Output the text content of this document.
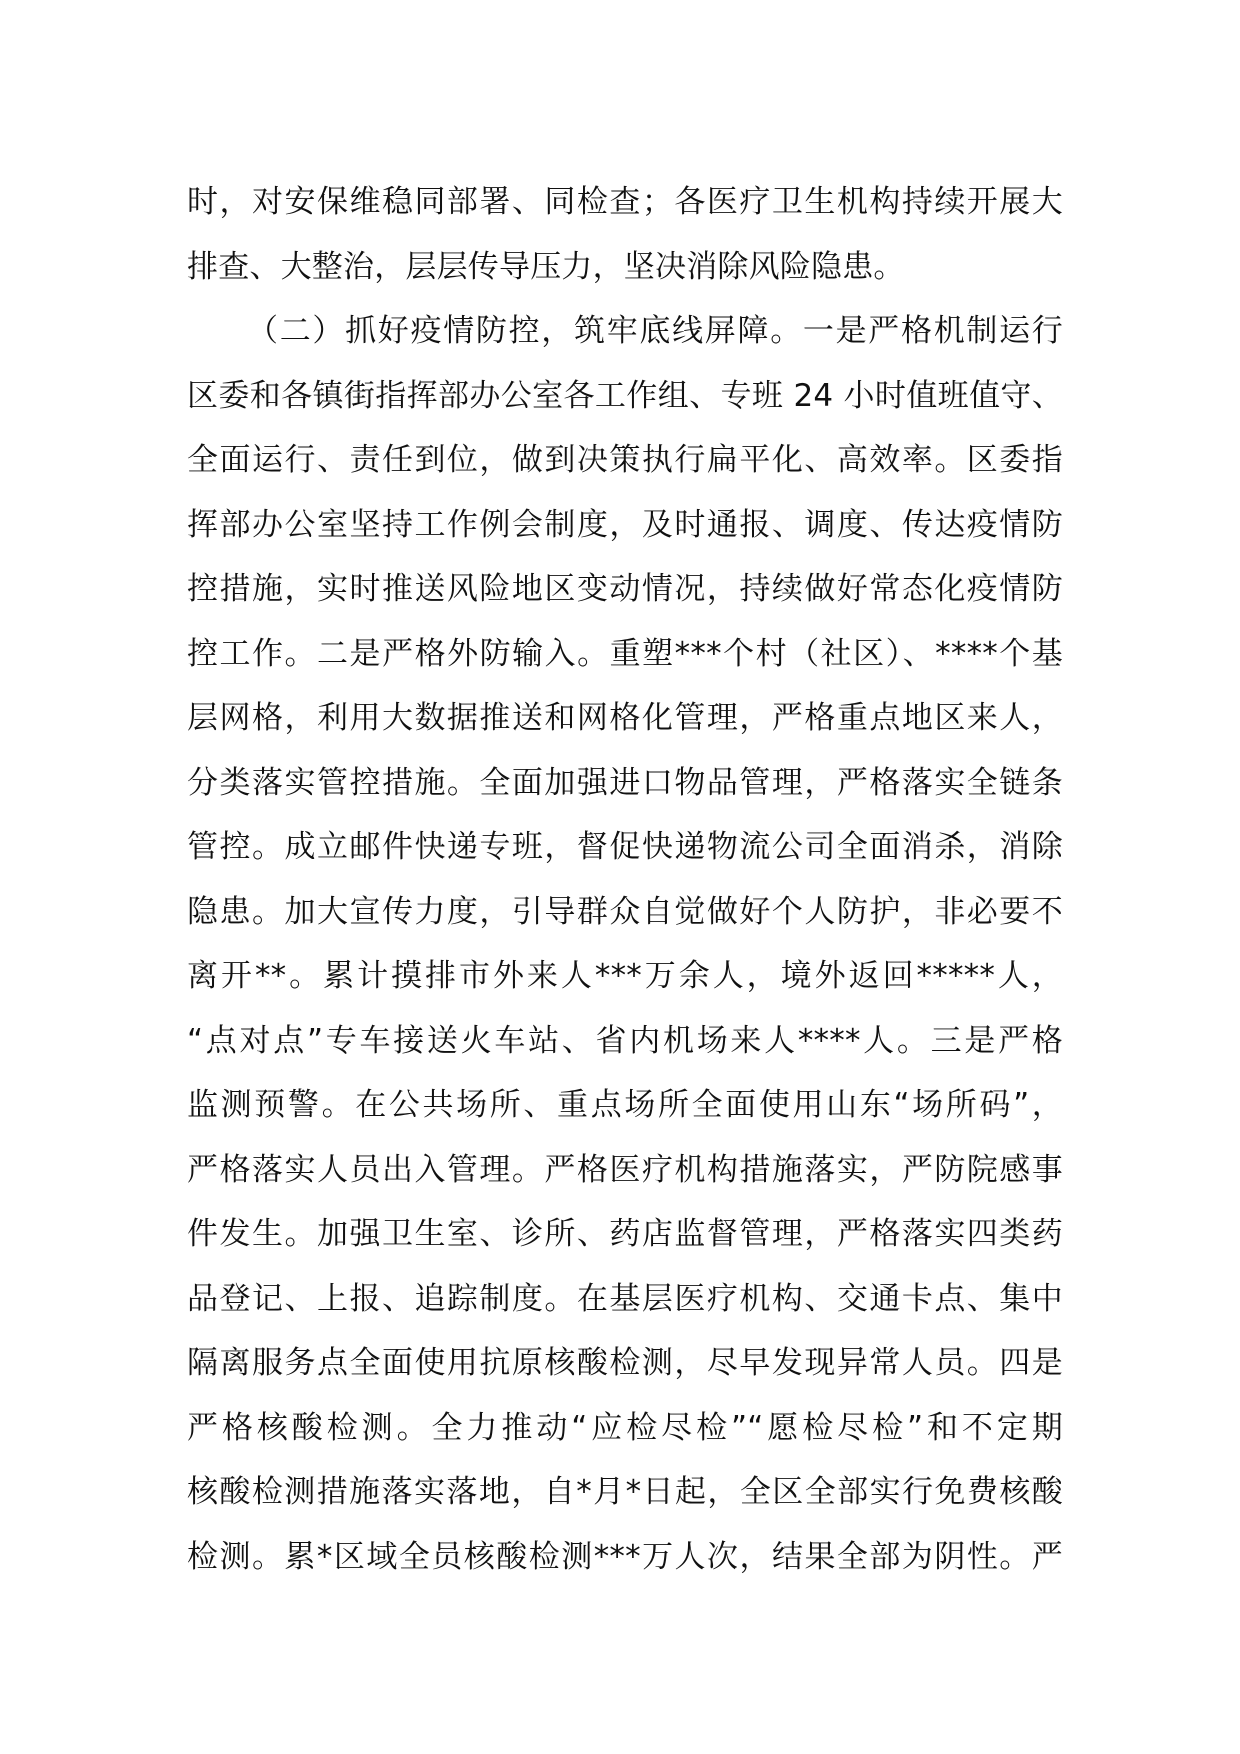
时，对安保维稳同部署、同检查；各医疗卫生机构持续开展大
排查、大整治，层层传导压力，坚决消除风险隐患。
（二）抓好疫情防控，筑牢底线屏障。一是严格机制运行
区委和各镇街指挥部办公室各工作组、专班 24 小时值班值守、
全面运行、责任到位，做到决策执行扁平化、高效率。区委指
挥部办公室坚持工作例会制度，及时通报、调度、传达疫情防
控措施，实时推送风险地区变动情况，持续做好常态化疫情防
控工作。二是严格外防输入。重塑***个村（社区）、****个基
层网格，利用大数据推送和网格化管理，严格重点地区来人，
分类落实管控措施。全面加强进口物品管理，严格落实全链条
管控。成立邮件快递专班，督促快递物流公司全面消杀，消除
隐患。加大宣传力度，引导群众自觉做好个人防护，非必要不
离开**。累计摸排市外来人***万余人，境外返回*****人，
“点对点”专车接送火车站、省内机场来人****人。三是严格
监测预警。在公共场所、重点场所全面使用山东“场所码”，
严格落实人员出入管理。严格医疗机构措施落实，严防院感事
件发生。加强卫生室、诊所、药店监督管理，严格落实四类药
品登记、上报、追踪制度。在基层医疗机构、交通卡点、集中
隔离服务点全面使用抗原核酸检测，尽早发现异常人员。四是
严格核酸检测。全力推动“应检尽检”“愿检尽检”和不定期
核酸检测措施落实落地，自*月*日起，全区全部实行免费核酸
检测。累*区域全员核酸检测***万人次，结果全部为阴性。严
